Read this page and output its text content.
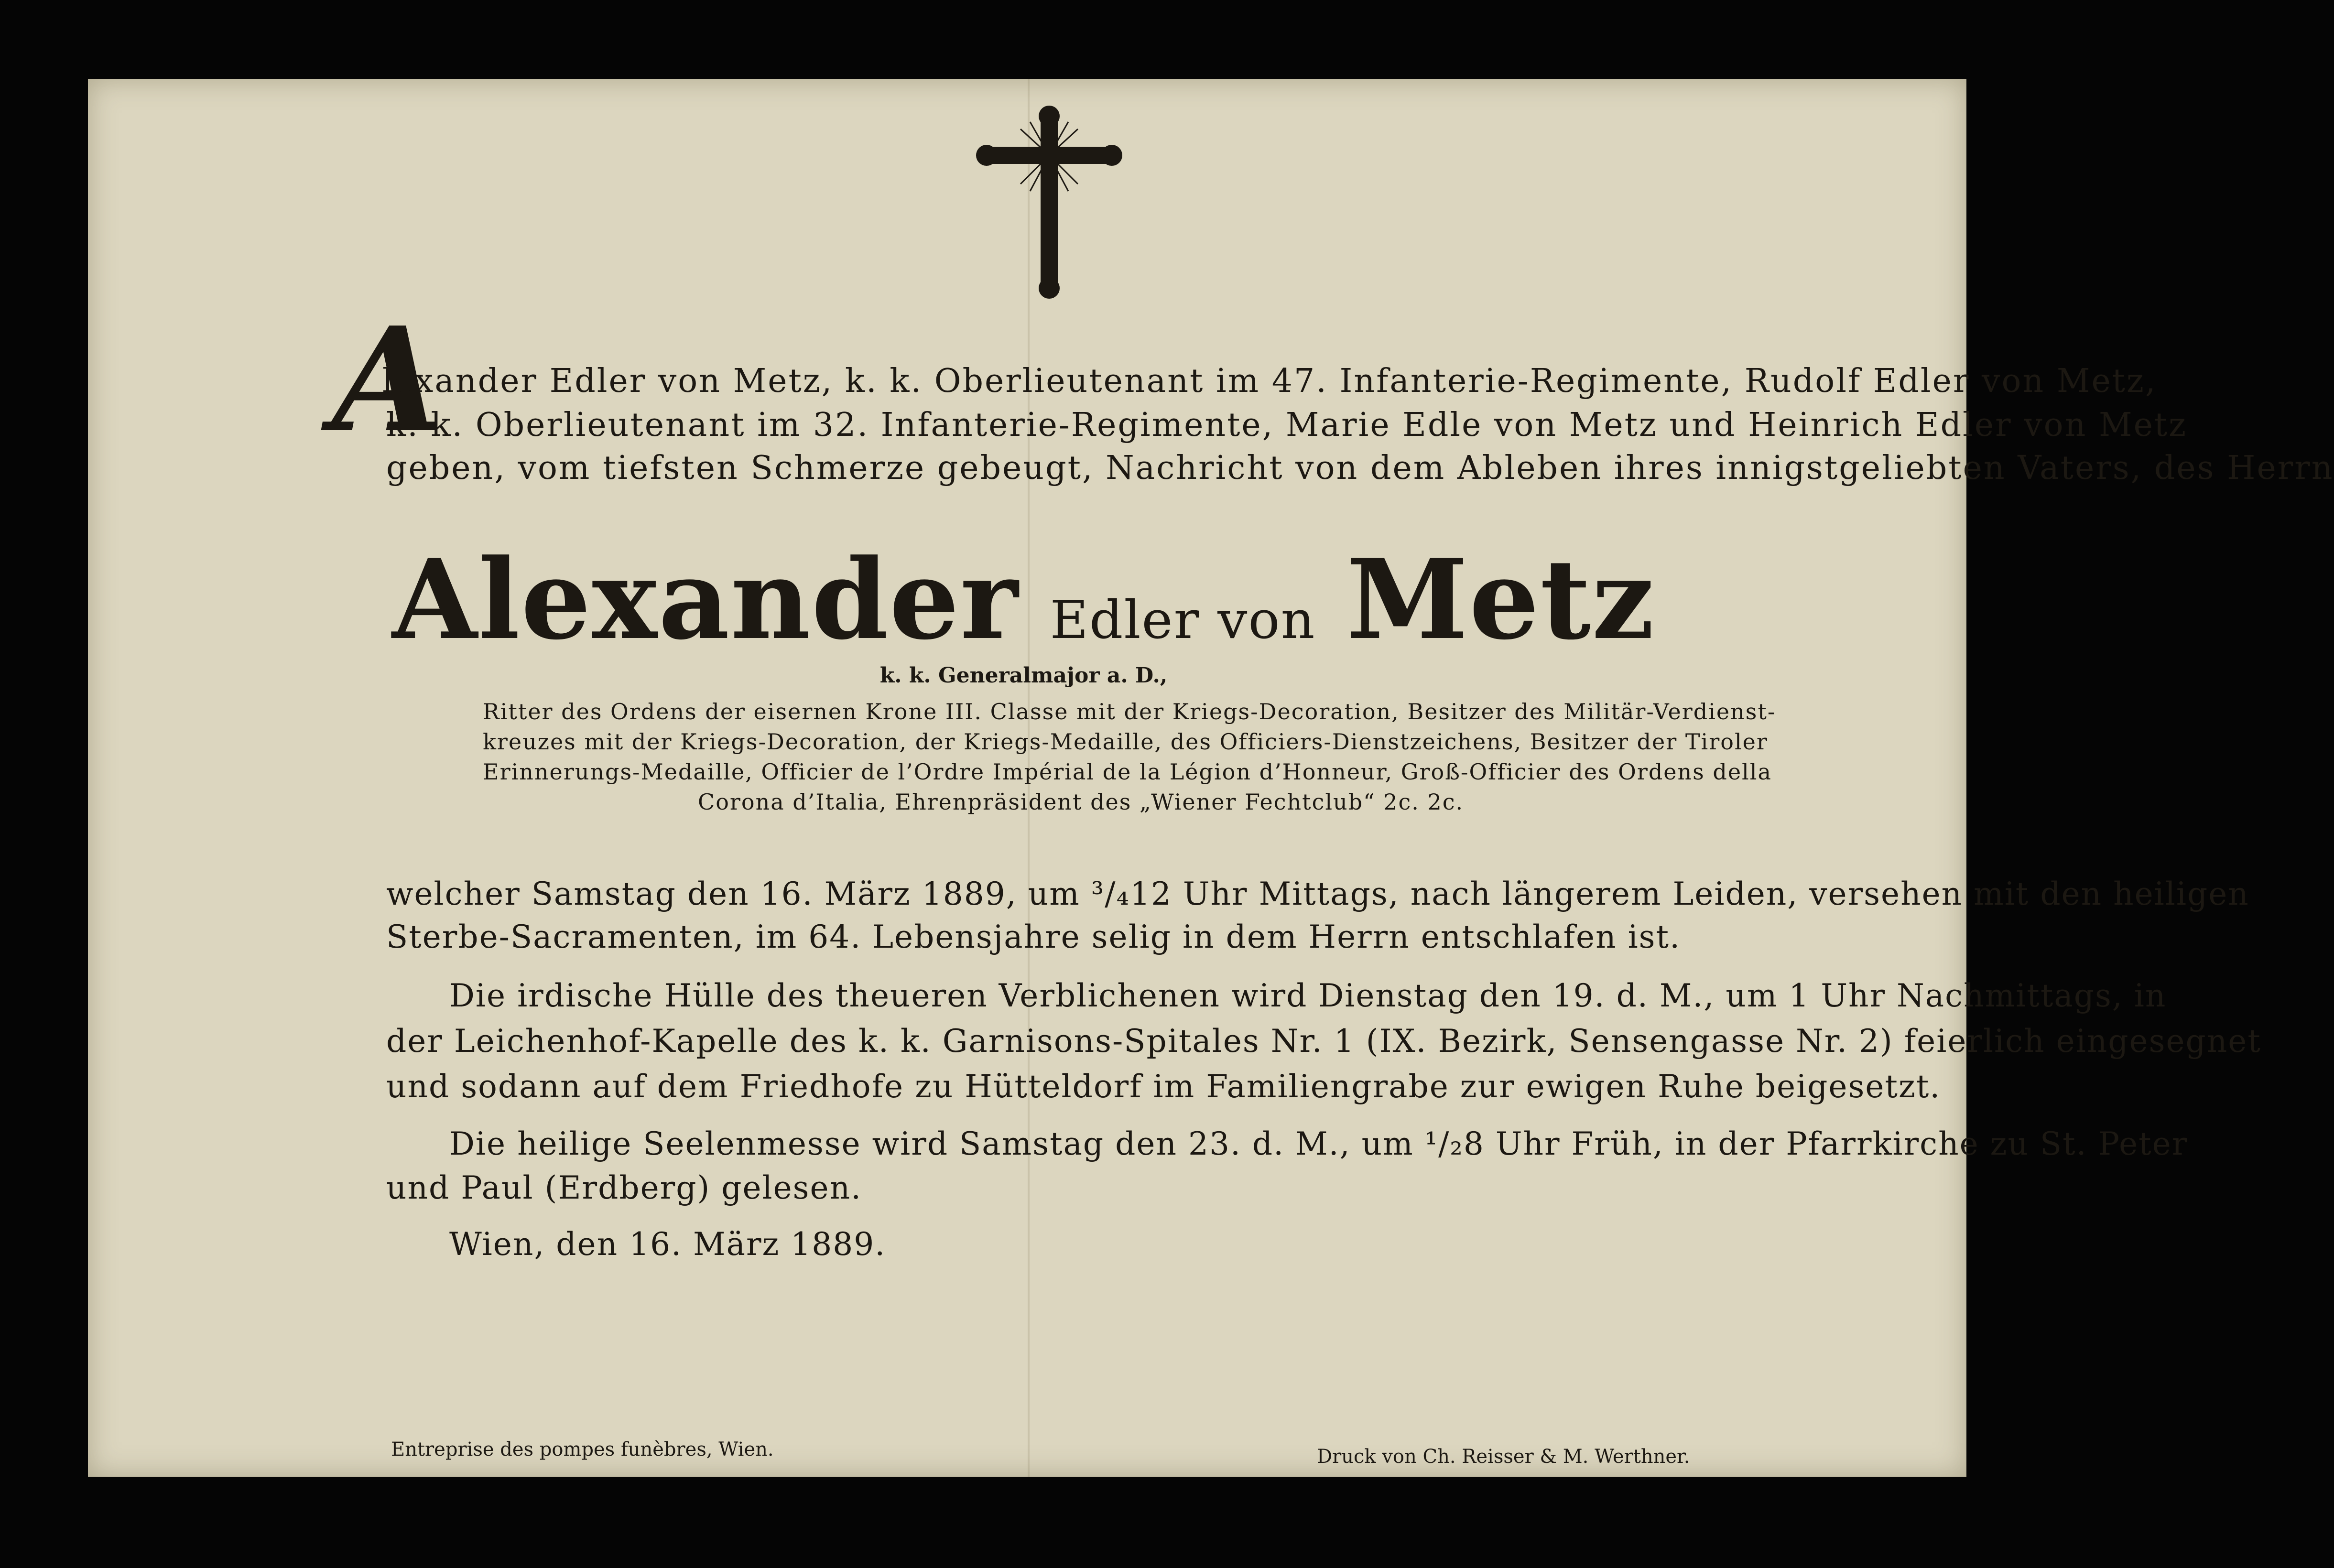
A
lexander Edler von Metz, k. k. Oberlieutenant im 47. Infanterie-Regimente, Rudolf Edler von Metz,
k. k. Oberlieutenant im 32. Infanterie-Regimente, Marie Edle von Metz und Heinrich Edler von Metz
geben, vom tiefsten Schmerze gebeugt, Nachricht von dem Ableben ihres innigstgeliebten Vaters, des Herrn
Alexander Edler von Metz
k. k. Generalmajor a. D.,
Ritter des Ordens der eisernen Krone III. Classe mit der Kriegs-Decoration, Besitzer des Militär-Verdienst-
kreuzes mit der Kriegs-Decoration, der Kriegs-Medaille, des Officiers-Dienstzeichens, Besitzer der Tiroler
Erinnerungs-Medaille, Officier de l’Ordre Impérial de la Légion d’Honneur, Groß-Officier des Ordens della
Corona d’Italia, Ehrenpräsident des „Wiener Fechtclub“ 2c. 2c.
welcher Samstag den 16. März 1889, um ³/₄12 Uhr Mittags, nach längerem Leiden, versehen mit den heiligen
Sterbe-Sacramenten, im 64. Lebensjahre selig in dem Herrn entschlafen ist.
Die irdische Hülle des theueren Verblichenen wird Dienstag den 19. d. M., um 1 Uhr Nachmittags, in
der Leichenhof-Kapelle des k. k. Garnisons-Spitales Nr. 1 (IX. Bezirk, Sensengasse Nr. 2) feierlich eingesegnet
und sodann auf dem Friedhofe zu Hütteldorf im Familiengrabe zur ewigen Ruhe beigesetzt.
Die heilige Seelenmesse wird Samstag den 23. d. M., um ¹/₂8 Uhr Früh, in der Pfarrkirche zu St. Peter
und Paul (Erdberg) gelesen.
Wien, den 16. März 1889.
Entreprise des pompes funèbres, Wien.	Druck von Ch. Reisser & M. Werthner.
